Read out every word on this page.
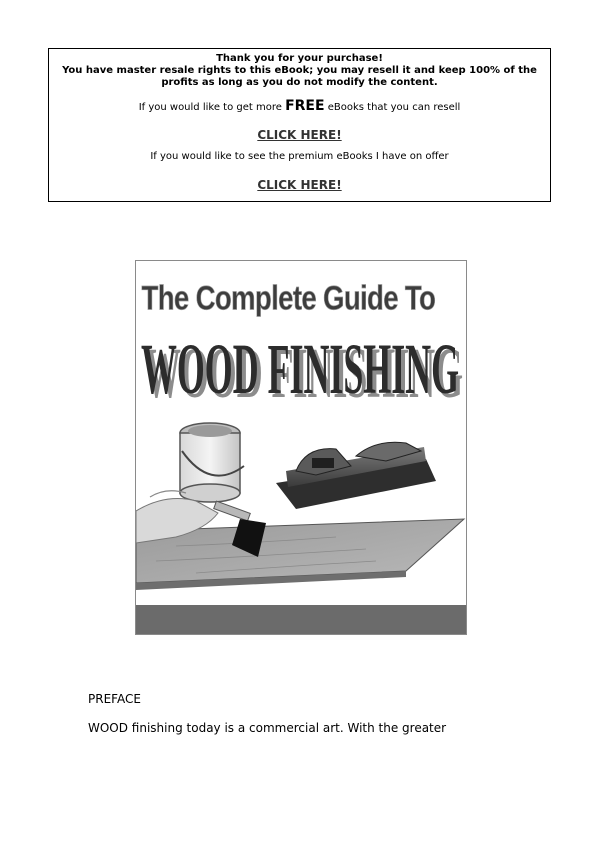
Thank you for your purchase!
You have master resale rights to this eBook; you may resell it and keep 100% of the
profits as long as you do not modify the content.
If you would like to get more FREE eBooks that you can resell
CLICK HERE!
If you would like to see the premium eBooks I have on offer
CLICK HERE!
The Complete Guide To
WOOD FINISHING
WOOD FINISHING
PREFACE
WOOD finishing today is a commercial art. With the greater
